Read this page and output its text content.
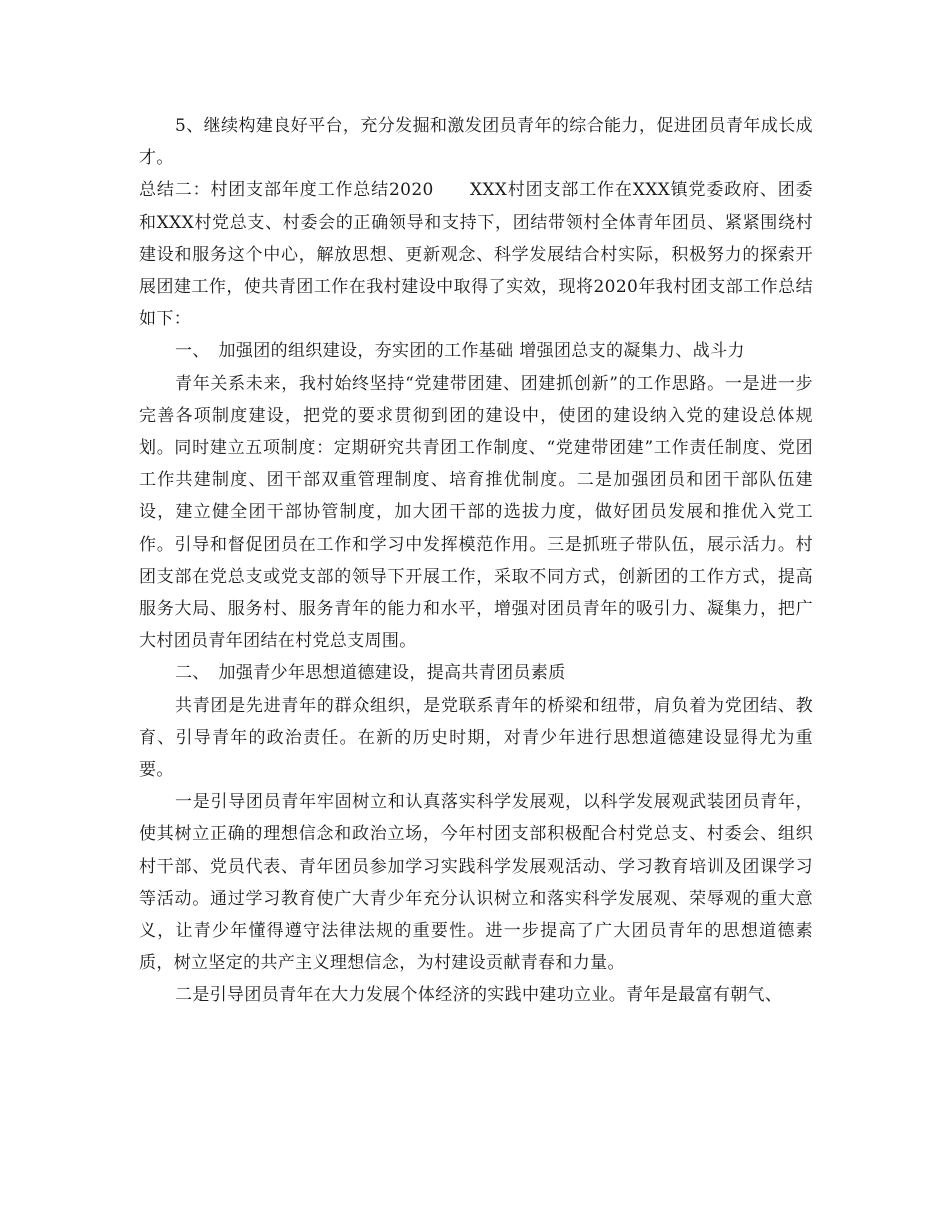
5、继续构建良好平台，充分发掘和激发团员青年的综合能力，促进团员青年成长成才。

总结二：村团支部年度工作总结2020　　XXX村团支部工作在XXX镇党委政府、团委和XXX村党总支、村委会的正确领导和支持下，团结带领村全体青年团员、紧紧围绕村建设和服务这个中心，解放思想、更新观念、科学发展结合村实际，积极努力的探索开展团建工作，使共青团工作在我村建设中取得了实效，现将2020年我村团支部工作总结如下：

一、　加强团的组织建设，夯实团的工作基础 增强团总支的凝集力、战斗力

青年关系未来，我村始终坚持“党建带团建、团建抓创新”的工作思路。一是进一步完善各项制度建设，把党的要求贯彻到团的建设中，使团的建设纳入党的建设总体规划。同时建立五项制度：定期研究共青团工作制度、“党建带团建”工作责任制度、党团工作共建制度、团干部双重管理制度、培育推优制度。二是加强团员和团干部队伍建设，建立健全团干部协管制度，加大团干部的选拔力度，做好团员发展和推优入党工作。引导和督促团员在工作和学习中发挥模范作用。三是抓班子带队伍，展示活力。村团支部在党总支或党支部的领导下开展工作，采取不同方式，创新团的工作方式，提高服务大局、服务村、服务青年的能力和水平，增强对团员青年的吸引力、凝集力，把广大村团员青年团结在村党总支周围。

二、　加强青少年思想道德建设，提高共青团员素质

共青团是先进青年的群众组织，是党联系青年的桥梁和纽带，肩负着为党团结、教育、引导青年的政治责任。在新的历史时期，对青少年进行思想道德建设显得尤为重要。

一是引导团员青年牢固树立和认真落实科学发展观，以科学发展观武装团员青年，使其树立正确的理想信念和政治立场，今年村团支部积极配合村党总支、村委会、组织村干部、党员代表、青年团员参加学习实践科学发展观活动、学习教育培训及团课学习等活动。通过学习教育使广大青少年充分认识树立和落实科学发展观、荣辱观的重大意义，让青少年懂得遵守法律法规的重要性。进一步提高了广大团员青年的思想道德素质，树立坚定的共产主义理想信念，为村建设贡献青春和力量。

二是引导团员青年在大力发展个体经济的实践中建功立业。青年是最富有朝气、
